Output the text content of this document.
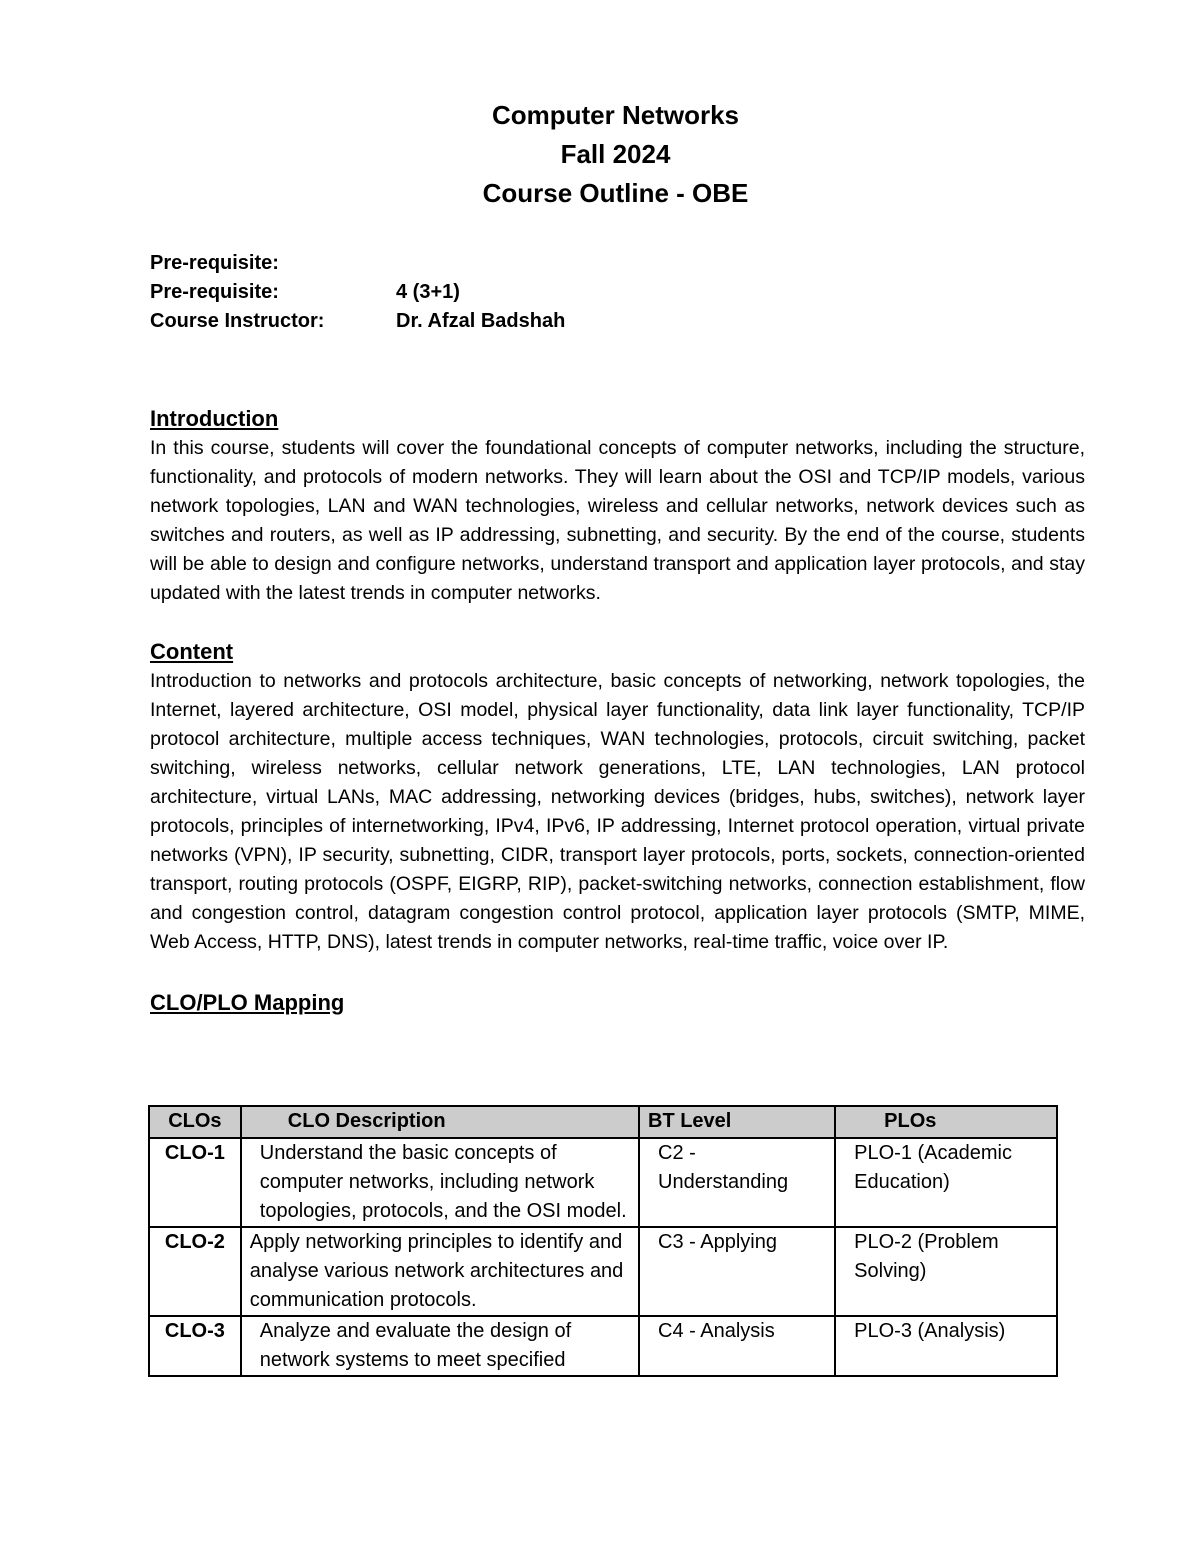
Computer Networks
Fall 2024
Course Outline - OBE
Pre-requisite:
Pre-requisite:	4 (3+1)
Course Instructor:	Dr. Afzal Badshah
Introduction

In this course, students will cover the foundational concepts of computer networks, including the structure, functionality, and protocols of modern networks. They will learn about the OSI and TCP/IP models, various network topologies, LAN and WAN technologies, wireless and cellular networks, network devices such as switches and routers, as well as IP addressing, subnetting, and security. By the end of the course, students will be able to design and configure networks, understand transport and application layer protocols, and stay updated with the latest trends in computer networks.

Content

Introduction to networks and protocols architecture, basic concepts of networking, network topologies, the Internet, layered architecture, OSI model, physical layer functionality, data link layer functionality, TCP/IP protocol architecture, multiple access techniques, WAN technologies, protocols, circuit switching, packet switching, wireless networks, cellular network generations, LTE, LAN technologies, LAN protocol architecture, virtual LANs, MAC addressing, networking devices (bridges, hubs, switches), network layer protocols, principles of internetworking, IPv4, IPv6, IP addressing, Internet protocol operation, virtual private networks (VPN), IP security, subnetting, CIDR, transport layer protocols, ports, sockets, connection-oriented transport, routing protocols (OSPF, EIGRP, RIP), packet-switching networks, connection establishment, flow and congestion control, datagram congestion control protocol, application layer protocols (SMTP, MIME, Web Access, HTTP, DNS), latest trends in computer networks, real-time traffic, voice over IP.

CLO/PLO Mapping
CLOs	CLO Description	BT Level	PLOs
CLO-1	Understand the basic concepts of computer networks, including network topologies, protocols, and the OSI model.	C2 - Understanding	PLO-1 (Academic Education)
CLO-2	Apply networking principles to identify and analyse various network architectures and communication protocols.	C3 - Applying	PLO-2 (Problem Solving)
CLO-3	Analyze and evaluate the design of network systems to meet specified	C4 - Analysis	PLO-3 (Analysis)
